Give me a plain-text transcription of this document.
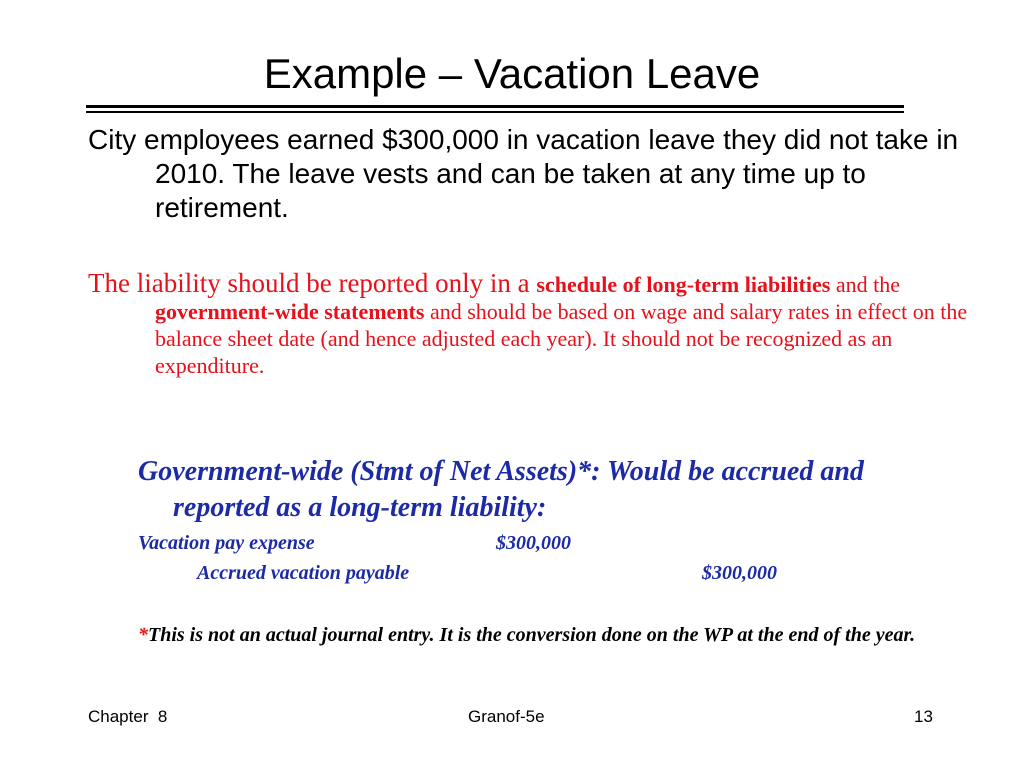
Example – Vacation Leave
City employees earned $300,000 in vacation leave they did not take in 2010. The leave vests and can be taken at any time up to retirement.
The liability should be reported only in a schedule of long-term liabilities and the government-wide statements and should be based on wage and salary rates in effect on the balance sheet date (and hence adjusted each year). It should not be recognized as an expenditure.
Government-wide (Stmt of Net Assets)*: Would be accrued and reported as a long-term liability:
Vacation pay expense	$300,000
Accrued vacation payable	$300,000
*This is not an actual journal entry. It is the conversion done on the WP at the end of the year.
Chapter  8	Granof-5e	13
